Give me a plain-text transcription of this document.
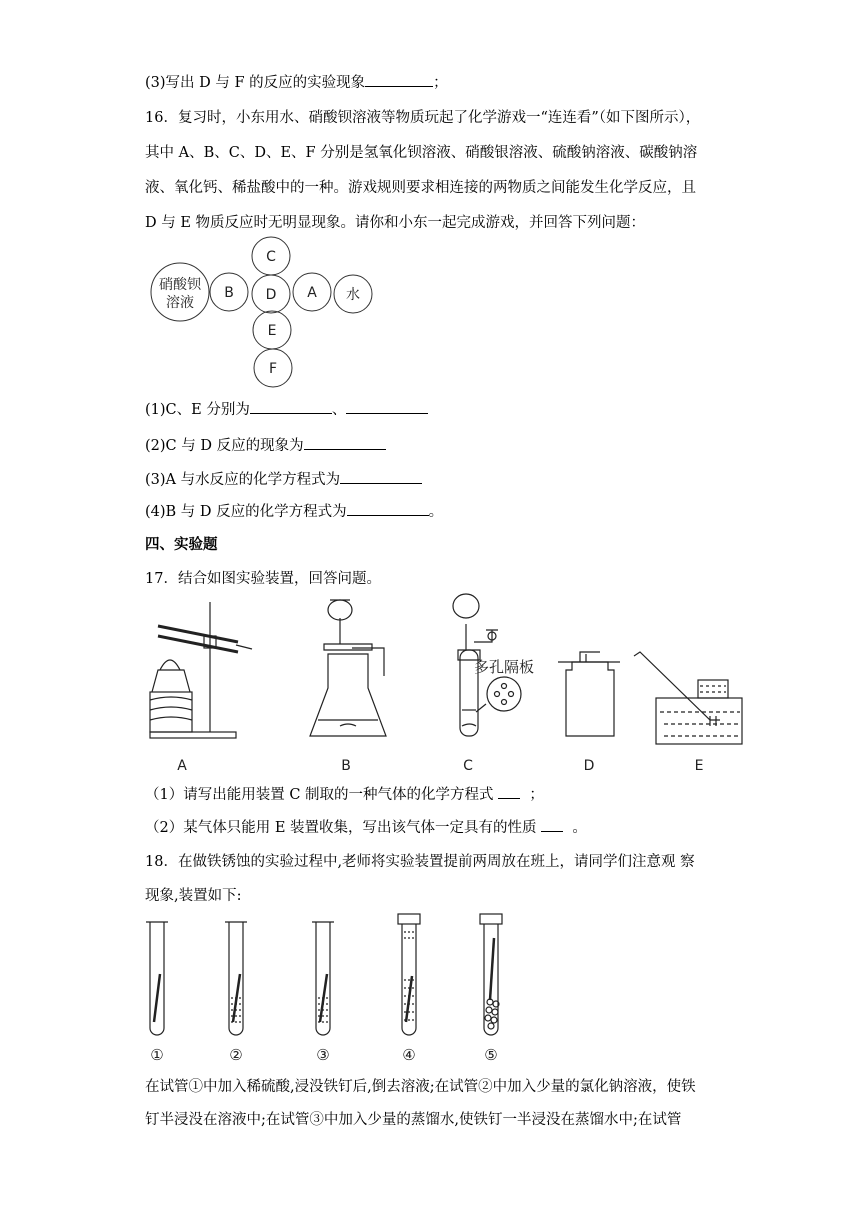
(3)写出 D 与 F 的反应的实验现象	；
16．复习时，小东用水、硝酸钡溶液等物质玩起了化学游戏一“连连看”（如下图所示），
其中 A、B、C、D、E、F 分别是氢氧化钡溶液、硝酸银溶液、硫酸钠溶液、碳酸钠溶
液、氧化钙、稀盐酸中的一种。游戏规则要求相连接的两物质之间能发生化学反应，且
D 与 E 物质反应时无明显现象。请你和小东一起完成游戏，并回答下列问题：
C
B D A 水
E
F
硝酸钡
溶液
(1)C、E 分别为	、
(2)C 与 D 反应的现象为
(3)A 与水反应的化学方程式为
(4)B 与 D 反应的化学方程式为	。
四、实验题
17．结合如图实验装置，回答问题。
多孔隔板
A	B	C	D	E
（1）请写出能用装置 C 制取的一种气体的化学方程式 ；
（2）某气体只能用 E 装置收集，写出该气体一定具有的性质 。
18．在做铁锈蚀的实验过程中,老师将实验装置提前两周放在班上，请同学们注意观 察
现象,装置如下:
①	②	③	④	⑤
在试管①中加入稀硫酸,浸没铁钉后,倒去溶液;在试管②中加入少量的氯化钠溶液，使铁
钉半浸没在溶液中;在试管③中加入少量的蒸馏水,使铁钉一半浸没在蒸馏水中;在试管
